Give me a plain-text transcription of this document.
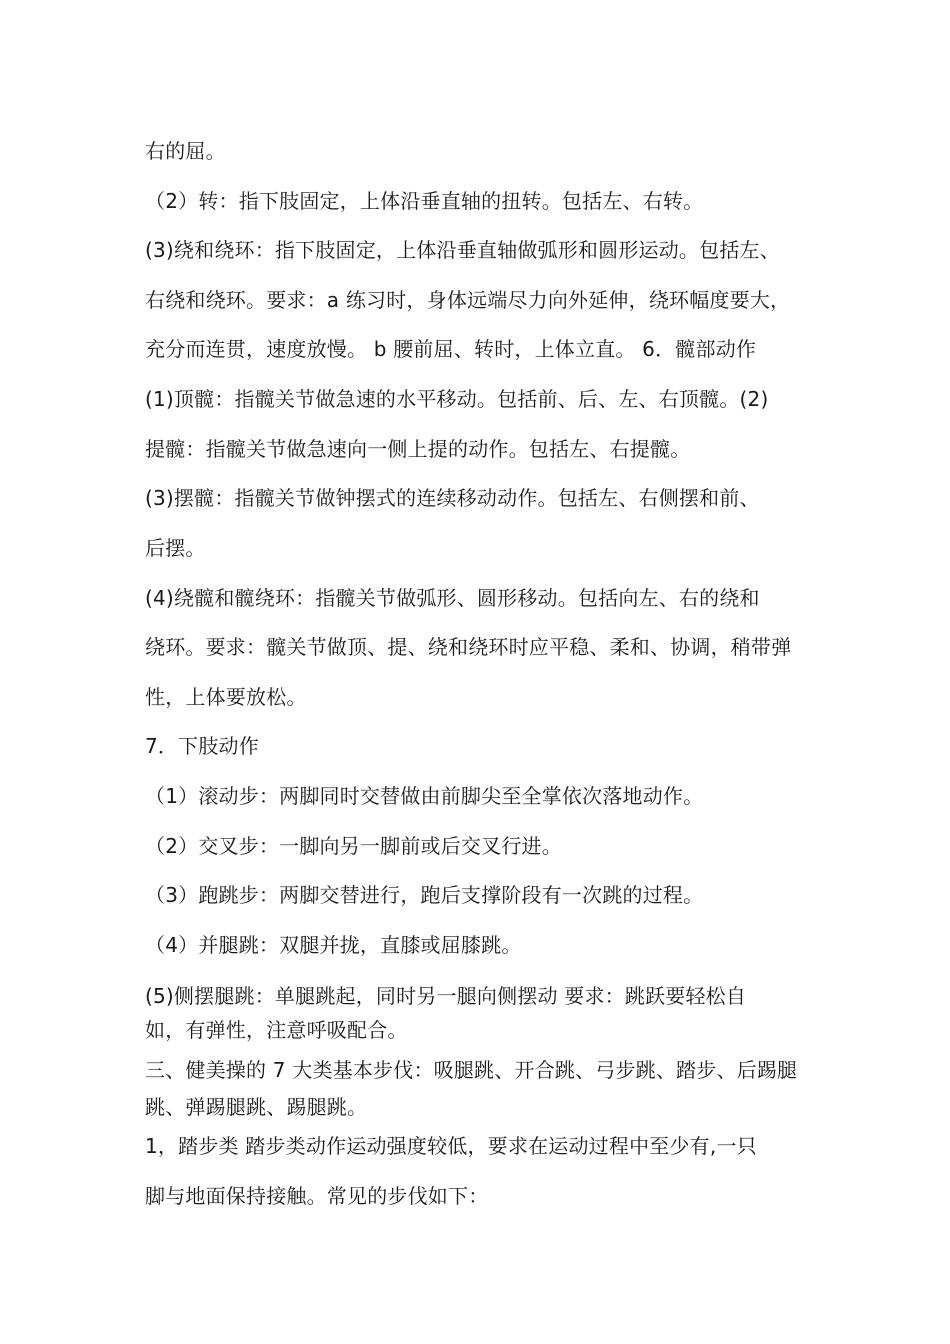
右的屈。
（2）转：指下肢固定，上体沿垂直轴的扭转。包括左、右转。
(3)绕和绕环：指下肢固定，上体沿垂直轴做弧形和圆形运动。包括左、
右绕和绕环。要求：a 练习时，身体远端尽力向外延伸，绕环幅度要大，
充分而连贯，速度放慢。 b 腰前屈、转时，上体立直。 6．髋部动作
(1)顶髋：指髋关节做急速的水平移动。包括前、后、左、右顶髋。(2)
提髋：指髋关节做急速向一侧上提的动作。包括左、右提髋。
(3)摆髋：指髋关节做钟摆式的连续移动动作。包括左、右侧摆和前、
后摆。
(4)绕髋和髋绕环：指髋关节做弧形、圆形移动。包括向左、右的绕和
绕环。要求：髋关节做顶、提、绕和绕环时应平稳、柔和、协调，稍带弹
性，上体要放松。
7．下肢动作
（1）滚动步：两脚同时交替做由前脚尖至全掌依次落地动作。
（2）交叉步：一脚向另一脚前或后交叉行进。
（3）跑跳步：两脚交替进行，跑后支撑阶段有一次跳的过程。
（4）并腿跳：双腿并拢，直膝或屈膝跳。
(5)侧摆腿跳：单腿跳起，同时另一腿向侧摆动 要求：跳跃要轻松自
如，有弹性，注意呼吸配合。
三、健美操的 7 大类基本步伐：吸腿跳、开合跳、弓步跳、踏步、后踢腿
跳、弹踢腿跳、踢腿跳。
1，踏步类 踏步类动作运动强度较低，要求在运动过程中至少有,一只
脚与地面保持接触。常见的步伐如下：
